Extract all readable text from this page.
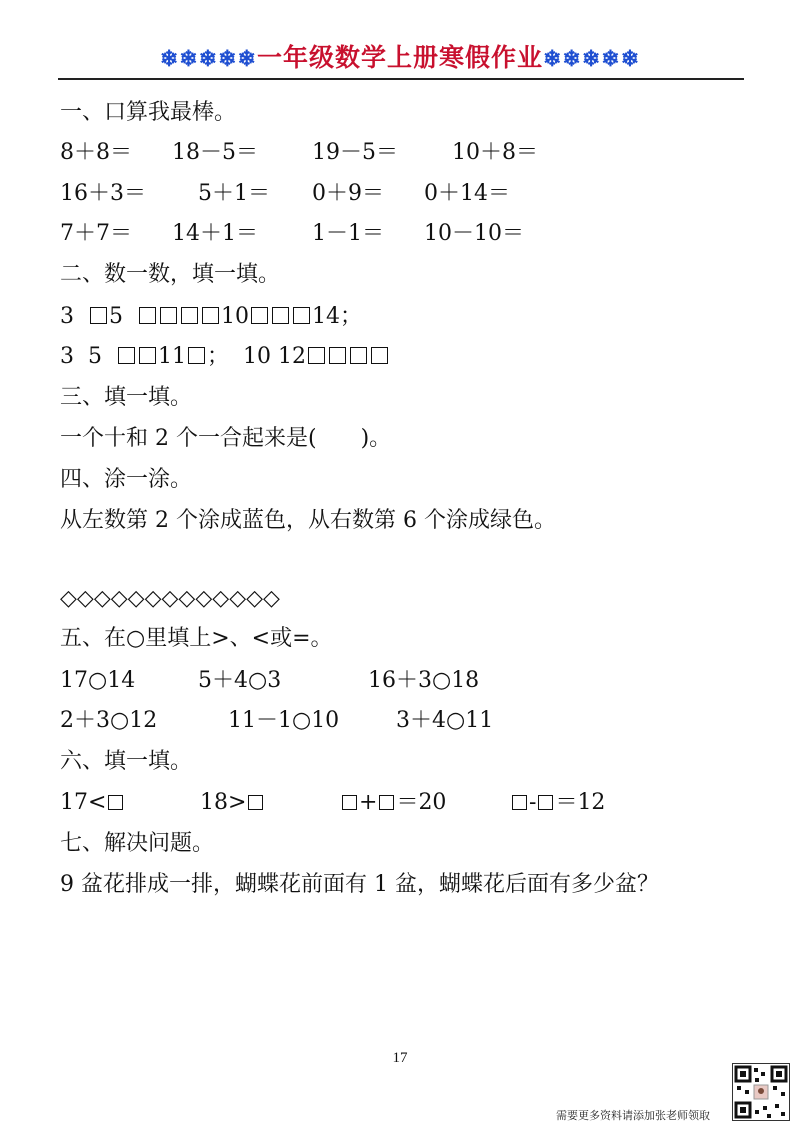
❄❄❄❄❄一年级数学上册寒假作业❄❄❄❄❄
一、口算我最棒。
8＋8＝ 18－5＝ 19－5＝ 10＋8＝
16＋3＝ 5＋1＝ 0＋9＝ 0＋14＝
7＋7＝ 14＋1＝ 1－1＝ 10－10＝
二、数一数，填一填。
3 5	10	14；
3 5	11 ； 10 12
三、填一填。
一个十和 2 个一合起来是(　　)。
四、涂一涂。
从左数第 2 个涂成蓝色，从右数第 6 个涂成绿色。
◇◇◇◇◇◇◇◇◇◇◇◇◇
五、在○里填上>、<或=。
17○14	5＋4○3	16＋3○18
2＋3○12	11－1○10	3＋4○11
六、填一填。
17<	18>	+ ＝20	- ＝12
七、解决问题。
9 盆花排成一排，蝴蝶花前面有 1 盆，蝴蝶花后面有多少盆？
17
需要更多资料请添加张老师领取
